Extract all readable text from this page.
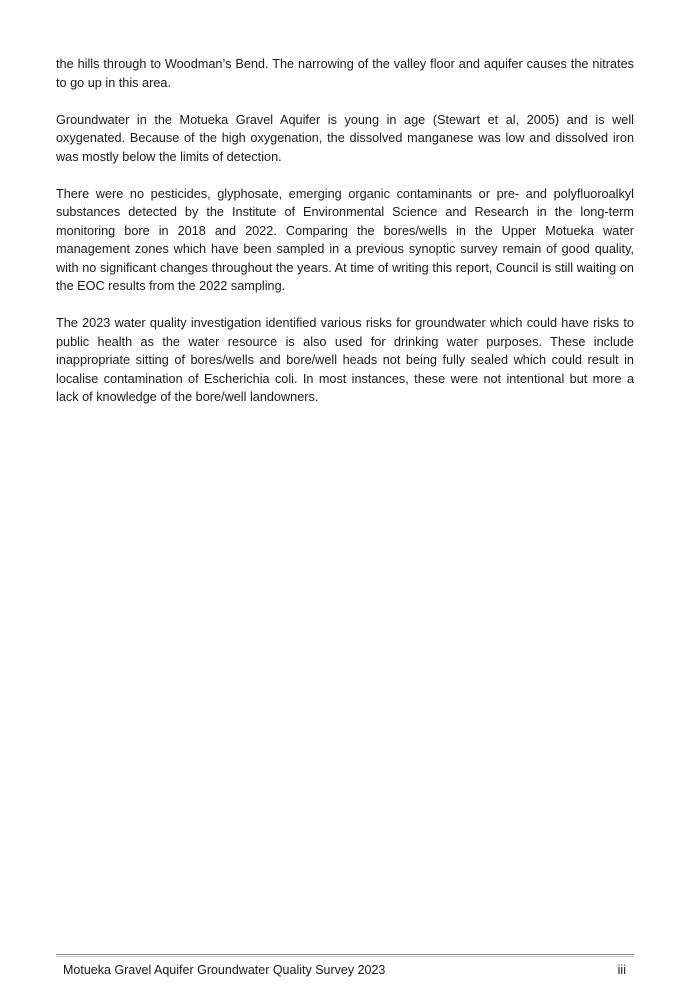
the hills through to Woodman’s Bend. The narrowing of the valley floor and aquifer causes the nitrates to go up in this area.

Groundwater in the Motueka Gravel Aquifer is young in age (Stewart et al, 2005) and is well oxygenated. Because of the high oxygenation, the dissolved manganese was low and dissolved iron was mostly below the limits of detection.

There were no pesticides, glyphosate, emerging organic contaminants or pre- and polyfluoroalkyl substances detected by the Institute of Environmental Science and Research in the long-term monitoring bore in 2018 and 2022. Comparing the bores/wells in the Upper Motueka water management zones which have been sampled in a previous synoptic survey remain of good quality, with no significant changes throughout the years. At time of writing this report, Council is still waiting on the EOC results from the 2022 sampling.

The 2023 water quality investigation identified various risks for groundwater which could have risks to public health as the water resource is also used for drinking water purposes. These include inappropriate sitting of bores/wells and bore/well heads not being fully sealed which could result in localise contamination of Escherichia coli. In most instances, these were not intentional but more a lack of knowledge of the bore/well landowners.

Motueka Gravel Aquifer Groundwater Quality Survey 2023	iii
